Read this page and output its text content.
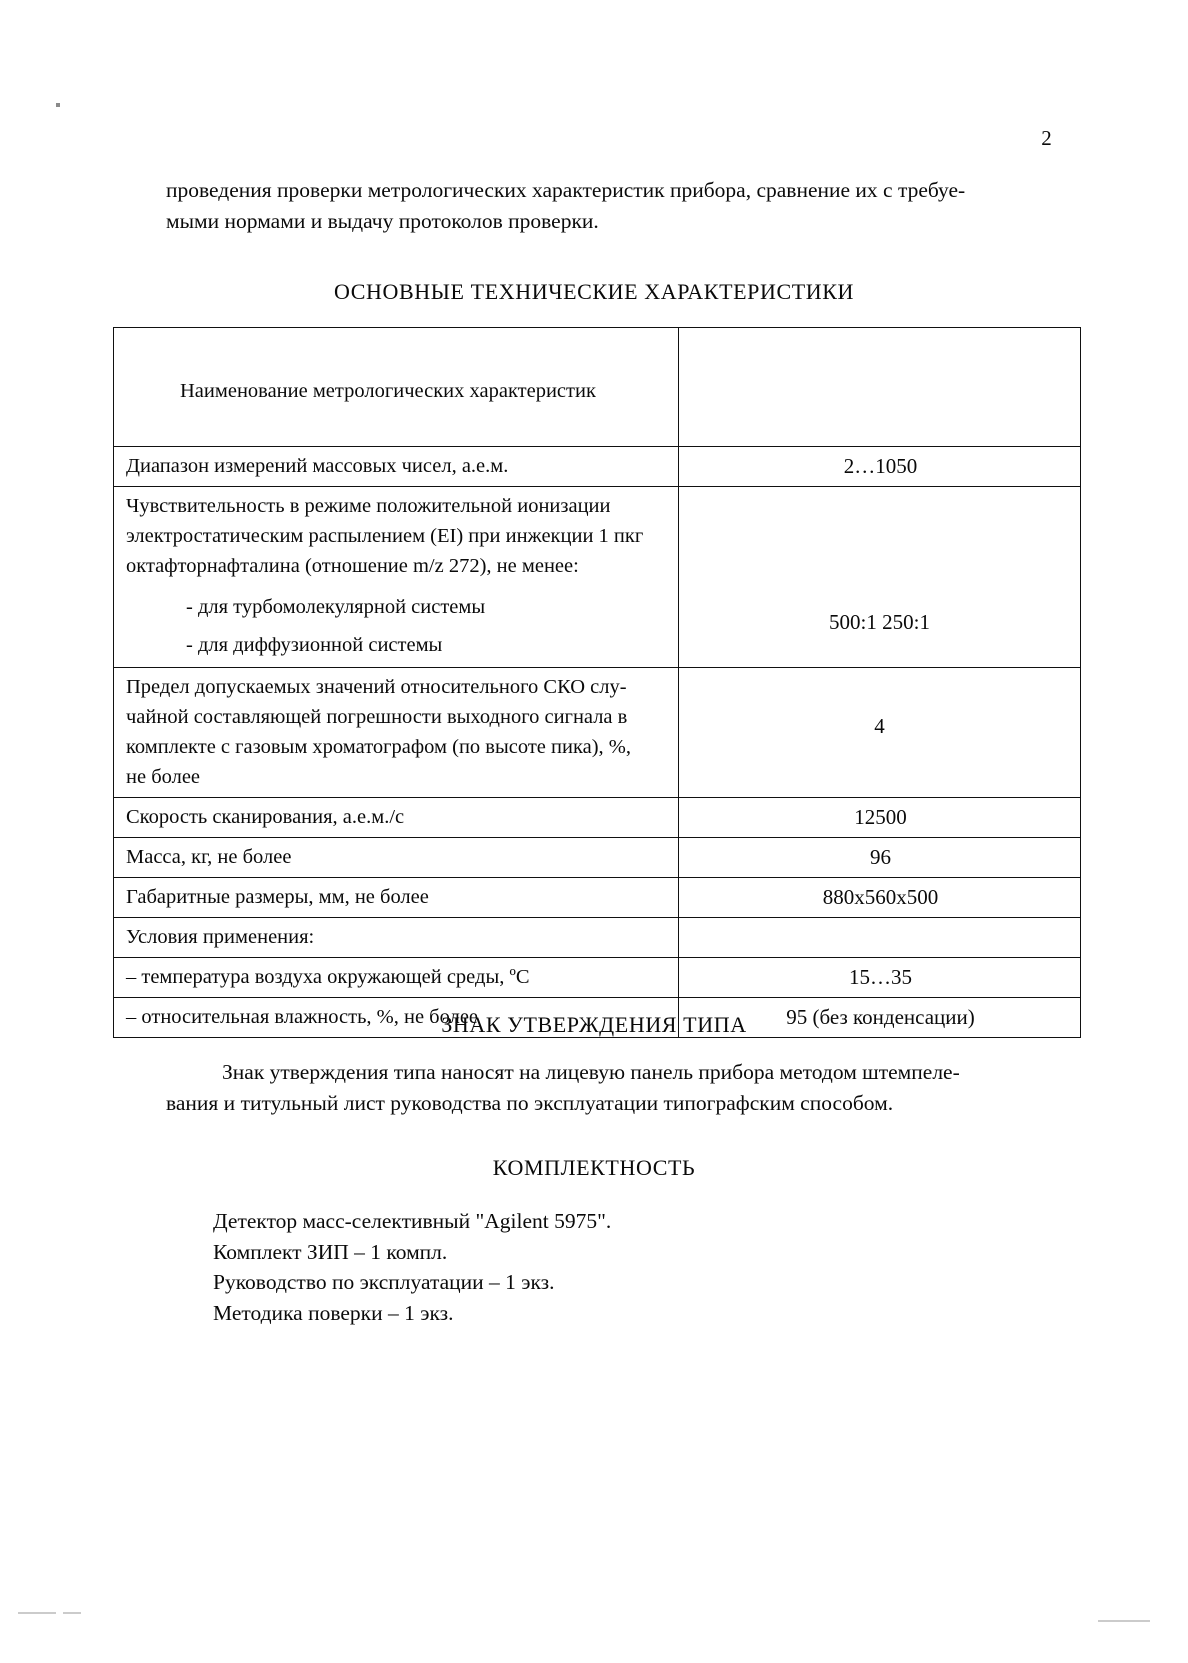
2
проведения проверки метрологических характеристик прибора, сравнение их с требуе-
мыми нормами и выдачу протоколов проверки.
ОСНОВНЫЕ ТЕХНИЧЕСКИЕ ХАРАКТЕРИСТИКИ
Наименование метрологических характеристик	

Диапазон измерений массовых чисел, а.е.м.	2…1050

Чувствительность в режиме положительной ионизации
электростатическим распылением (EI) при инжекции 1 пкг
октафторнафталина (отношение m/z 272), не менее:
- для турбомолекулярной системы
- для диффузионной системы	500:1 250:1

Предел допускаемых значений относительного СКО слу-
чайной составляющей погрешности выходного сигнала в
комплекте с газовым хроматографом (по высоте пика), %,
не более	4

Скорость сканирования, а.е.м./с	12500

Масса, кг, не более	96

Габаритные размеры, мм, не более	880х560х500

Условия применения:	

– температура воздуха окружающей среды, ºС	15…35

– относительная влажность, %, не более	95 (без конденсации)
ЗНАК УТВЕРЖДЕНИЯ ТИПА
Знак утверждения типа наносят на лицевую панель прибора методом штемпеле-
вания и титульный лист руководства по эксплуатации типографским способом.
КОМПЛЕКТНОСТЬ
Детектор масс-селективный "Agilent 5975".
Комплект ЗИП – 1 компл.
Руководство по эксплуатации – 1 экз.
Методика поверки – 1 экз.
